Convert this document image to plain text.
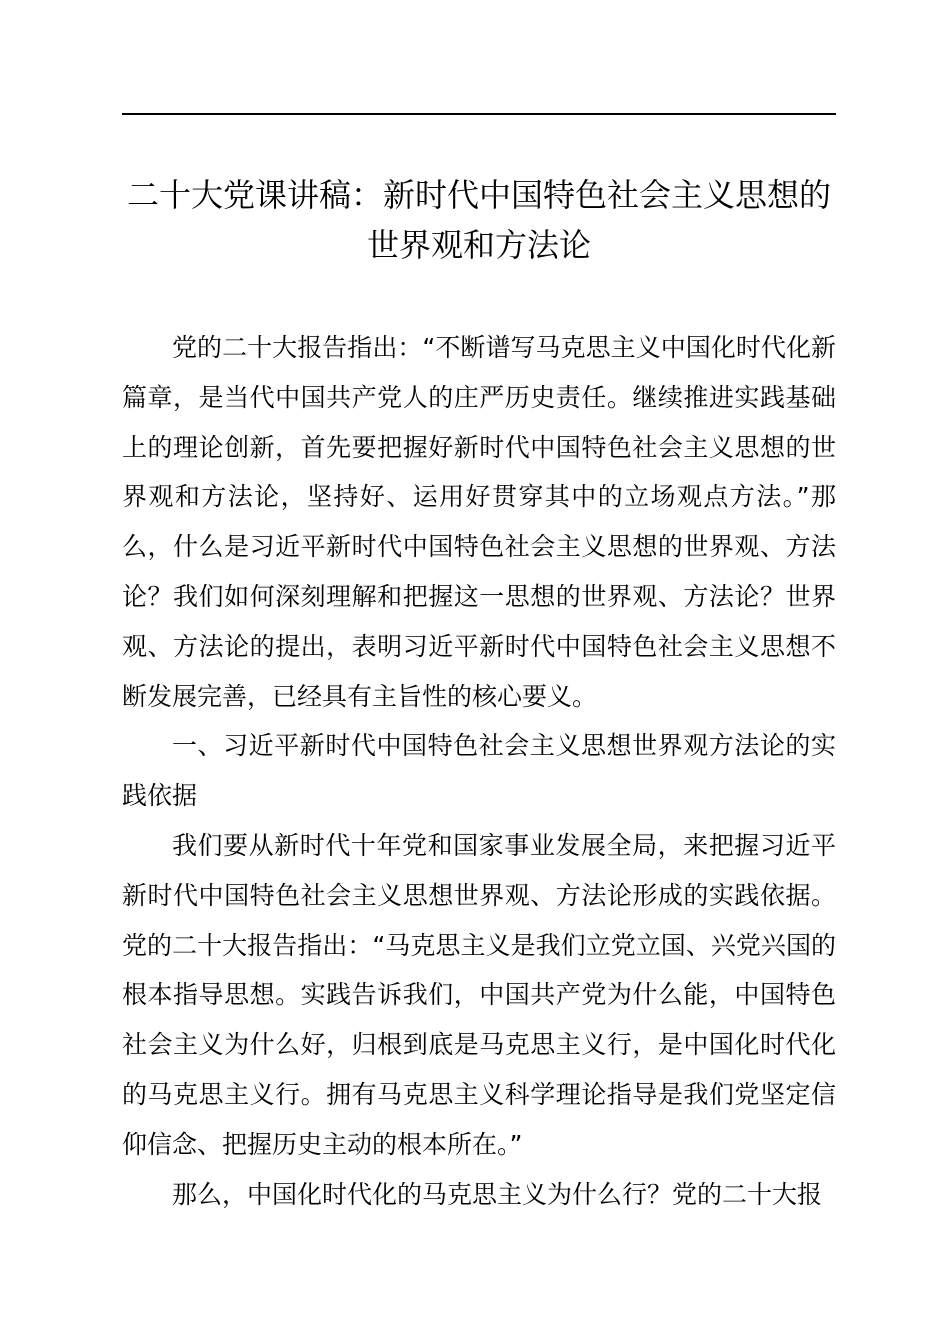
二十大党课讲稿：新时代中国特色社会主义思想的世界观和方法论

党的二十大报告指出：“不断谱写马克思主义中国化时代化新篇章，是当代中国共产党人的庄严历史责任。继续推进实践基础上的理论创新，首先要把握好新时代中国特色社会主义思想的世界观和方法论，坚持好、运用好贯穿其中的立场观点方法。”那么，什么是习近平新时代中国特色社会主义思想的世界观、方法论？我们如何深刻理解和把握这一思想的世界观、方法论？世界观、方法论的提出，表明习近平新时代中国特色社会主义思想不断发展完善，已经具有主旨性的核心要义。

一、习近平新时代中国特色社会主义思想世界观方法论的实践依据

我们要从新时代十年党和国家事业发展全局，来把握习近平新时代中国特色社会主义思想世界观、方法论形成的实践依据。党的二十大报告指出：“马克思主义是我们立党立国、兴党兴国的根本指导思想。实践告诉我们，中国共产党为什么能，中国特色社会主义为什么好，归根到底是马克思主义行，是中国化时代化的马克思主义行。拥有马克思主义科学理论指导是我们党坚定信仰信念、把握历史主动的根本所在。”

那么，中国化时代化的马克思主义为什么行？党的二十大报
